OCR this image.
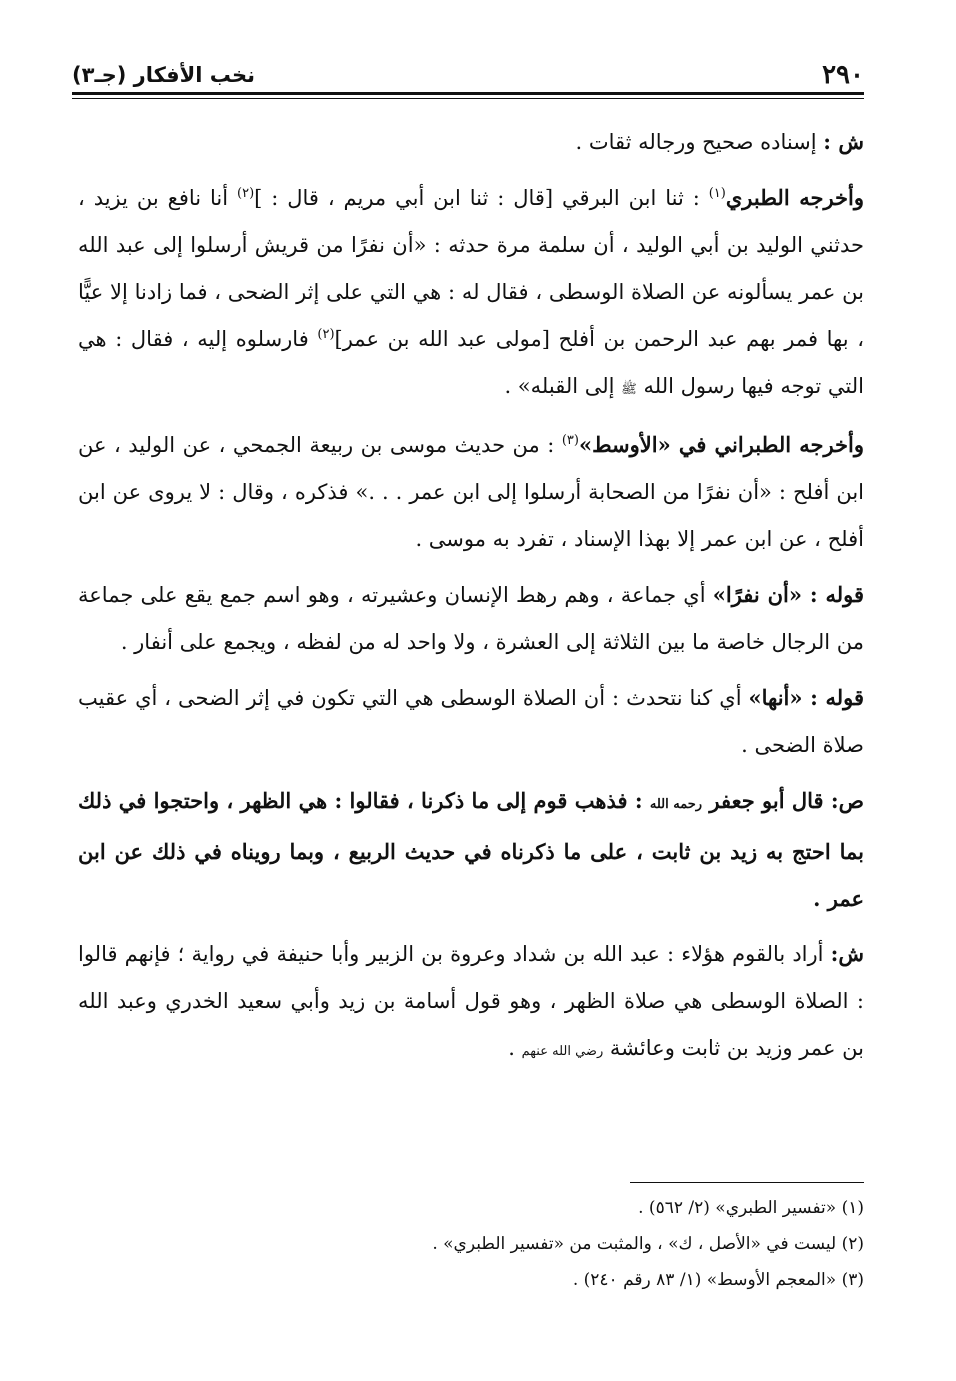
٢٩٠
نخب الأفكار (جـ٣)

ش : إسناده صحيح ورجاله ثقات .

وأخرجه الطبري$^{(١)}$ : ثنا ابن البرقي [قال : ثنا ابن أبي مريم ، قال : ]$^{(٢)}$ أنا نافع بن يزيد ، حدثني الوليد بن أبي الوليد ، أن سلمة مرة حدثه : «أن نفرًا من قريش أرسلوا إلى عبد الله بن عمر يسألونه عن الصلاة الوسطى ، فقال له : هي التي على إثر الضحى ، فما زادنا إلا عيًّا ، بها فمر بهم عبد الرحمن بن أفلح [مولى عبد الله بن عمر]$^{(٢)}$ فارسلوه إليه ، فقال : هي التي توجه فيها رسول الله ﷺ إلى القبله» .

وأخرجه الطبراني في «الأوسط»$^{(٣)}$ : من حديث موسى بن ربيعة الجمحي ، عن الوليد ، عن ابن أفلح : «أن نفرًا من الصحابة أرسلوا إلى ابن عمر . . .» فذكره ، وقال : لا يروى عن ابن أفلح ، عن ابن عمر إلا بهذا الإسناد ، تفرد به موسى .

قوله : «أن نفرًا» أي جماعة ، وهم رهط الإنسان وعشيرته ، وهو اسم جمع يقع على جماعة من الرجال خاصة ما بين الثلاثة إلى العشرة ، ولا واحد له من لفظه ، ويجمع على أنفار .

قوله : «أنها» أي كنا نتحدث : أن الصلاة الوسطى هي التي تكون في إثر الضحى ، أي عقيب صلاة الضحى .

ص: قال أبو جعفر رحمه الله : فذهب قوم إلى ما ذكرنا ، فقالوا : هي الظهر ، واحتجوا في ذلك بما احتج به زيد بن ثابت ، على ما ذكرناه في حديث الربيع ، وبما رويناه في ذلك عن ابن عمر .

ش: أراد بالقوم هؤلاء : عبد الله بن شداد وعروة بن الزبير وأبا حنيفة في رواية ؛ فإنهم قالوا : الصلاة الوسطى هي صلاة الظهر ، وهو قول أسامة بن زيد وأبي سعيد الخدري وعبد الله بن عمر وزيد بن ثابت وعائشة رضي الله عنهم .

(١) «تفسير الطبري» (٢/ ٥٦٢) .

(٢) ليست في «الأصل ، ك» ، والمثبت من «تفسير الطبري» .

(٣) «المعجم الأوسط» (١/ ٨٣ رقم ٢٤٠) .
